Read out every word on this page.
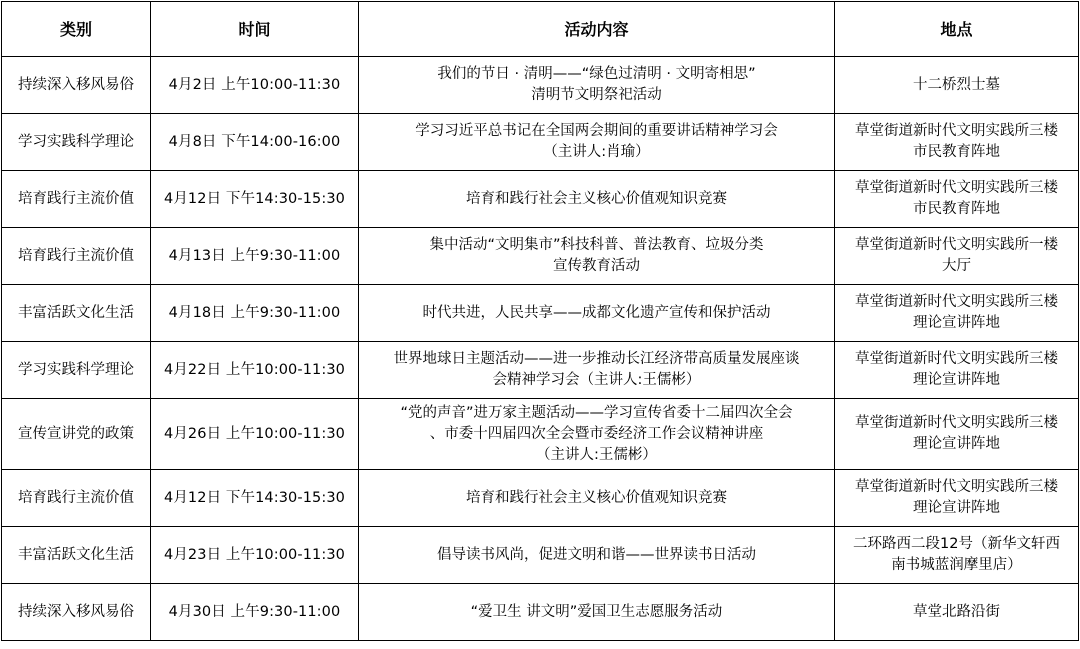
类别	时间	活动内容	地点
持续深入移风易俗	4月2日 上午10:00-11:30	我们的节日 · 清明——“绿色过清明 · 文明寄相思”
清明节文明祭祀活动	十二桥烈士墓

学习实践科学理论	4月8日 下午14:00-16:00	学习习近平总书记在全国两会期间的重要讲话精神学习会
（主讲人:肖瑜）	草堂街道新时代文明实践所三楼
市民教育阵地

培育践行主流价值	4月12日 下午14:30-15:30	培育和践行社会主义核心价值观知识竞赛	草堂街道新时代文明实践所三楼
市民教育阵地

培育践行主流价值	4月13日 上午9:30-11:00	集中活动“文明集市”科技科普、普法教育、垃圾分类
宣传教育活动	草堂街道新时代文明实践所一楼
大厅

丰富活跃文化生活	4月18日 上午9:30-11:00	时代共进，人民共享——成都文化遗产宣传和保护活动	草堂街道新时代文明实践所三楼
理论宣讲阵地

学习实践科学理论	4月22日 上午10:00-11:30	世界地球日主题活动——进一步推动长江经济带高质量发展座谈
会精神学习会（主讲人:王儒彬）	草堂街道新时代文明实践所三楼
理论宣讲阵地

宣传宣讲党的政策	4月26日 上午10:00-11:30	“党的声音”进万家主题活动——学习宣传省委十二届四次全会
、市委十四届四次全会暨市委经济工作会议精神讲座
（主讲人:王儒彬）	草堂街道新时代文明实践所三楼
理论宣讲阵地

培育践行主流价值	4月12日 下午14:30-15:30	培育和践行社会主义核心价值观知识竞赛	草堂街道新时代文明实践所三楼
理论宣讲阵地

丰富活跃文化生活	4月23日 上午10:00-11:30	倡导读书风尚，促进文明和谐——世界读书日活动	二环路西二段12号（新华文轩西
南书城蓝润摩里店）

持续深入移风易俗	4月30日 上午9:30-11:00	“爱卫生 讲文明”爱国卫生志愿服务活动	草堂北路沿街
